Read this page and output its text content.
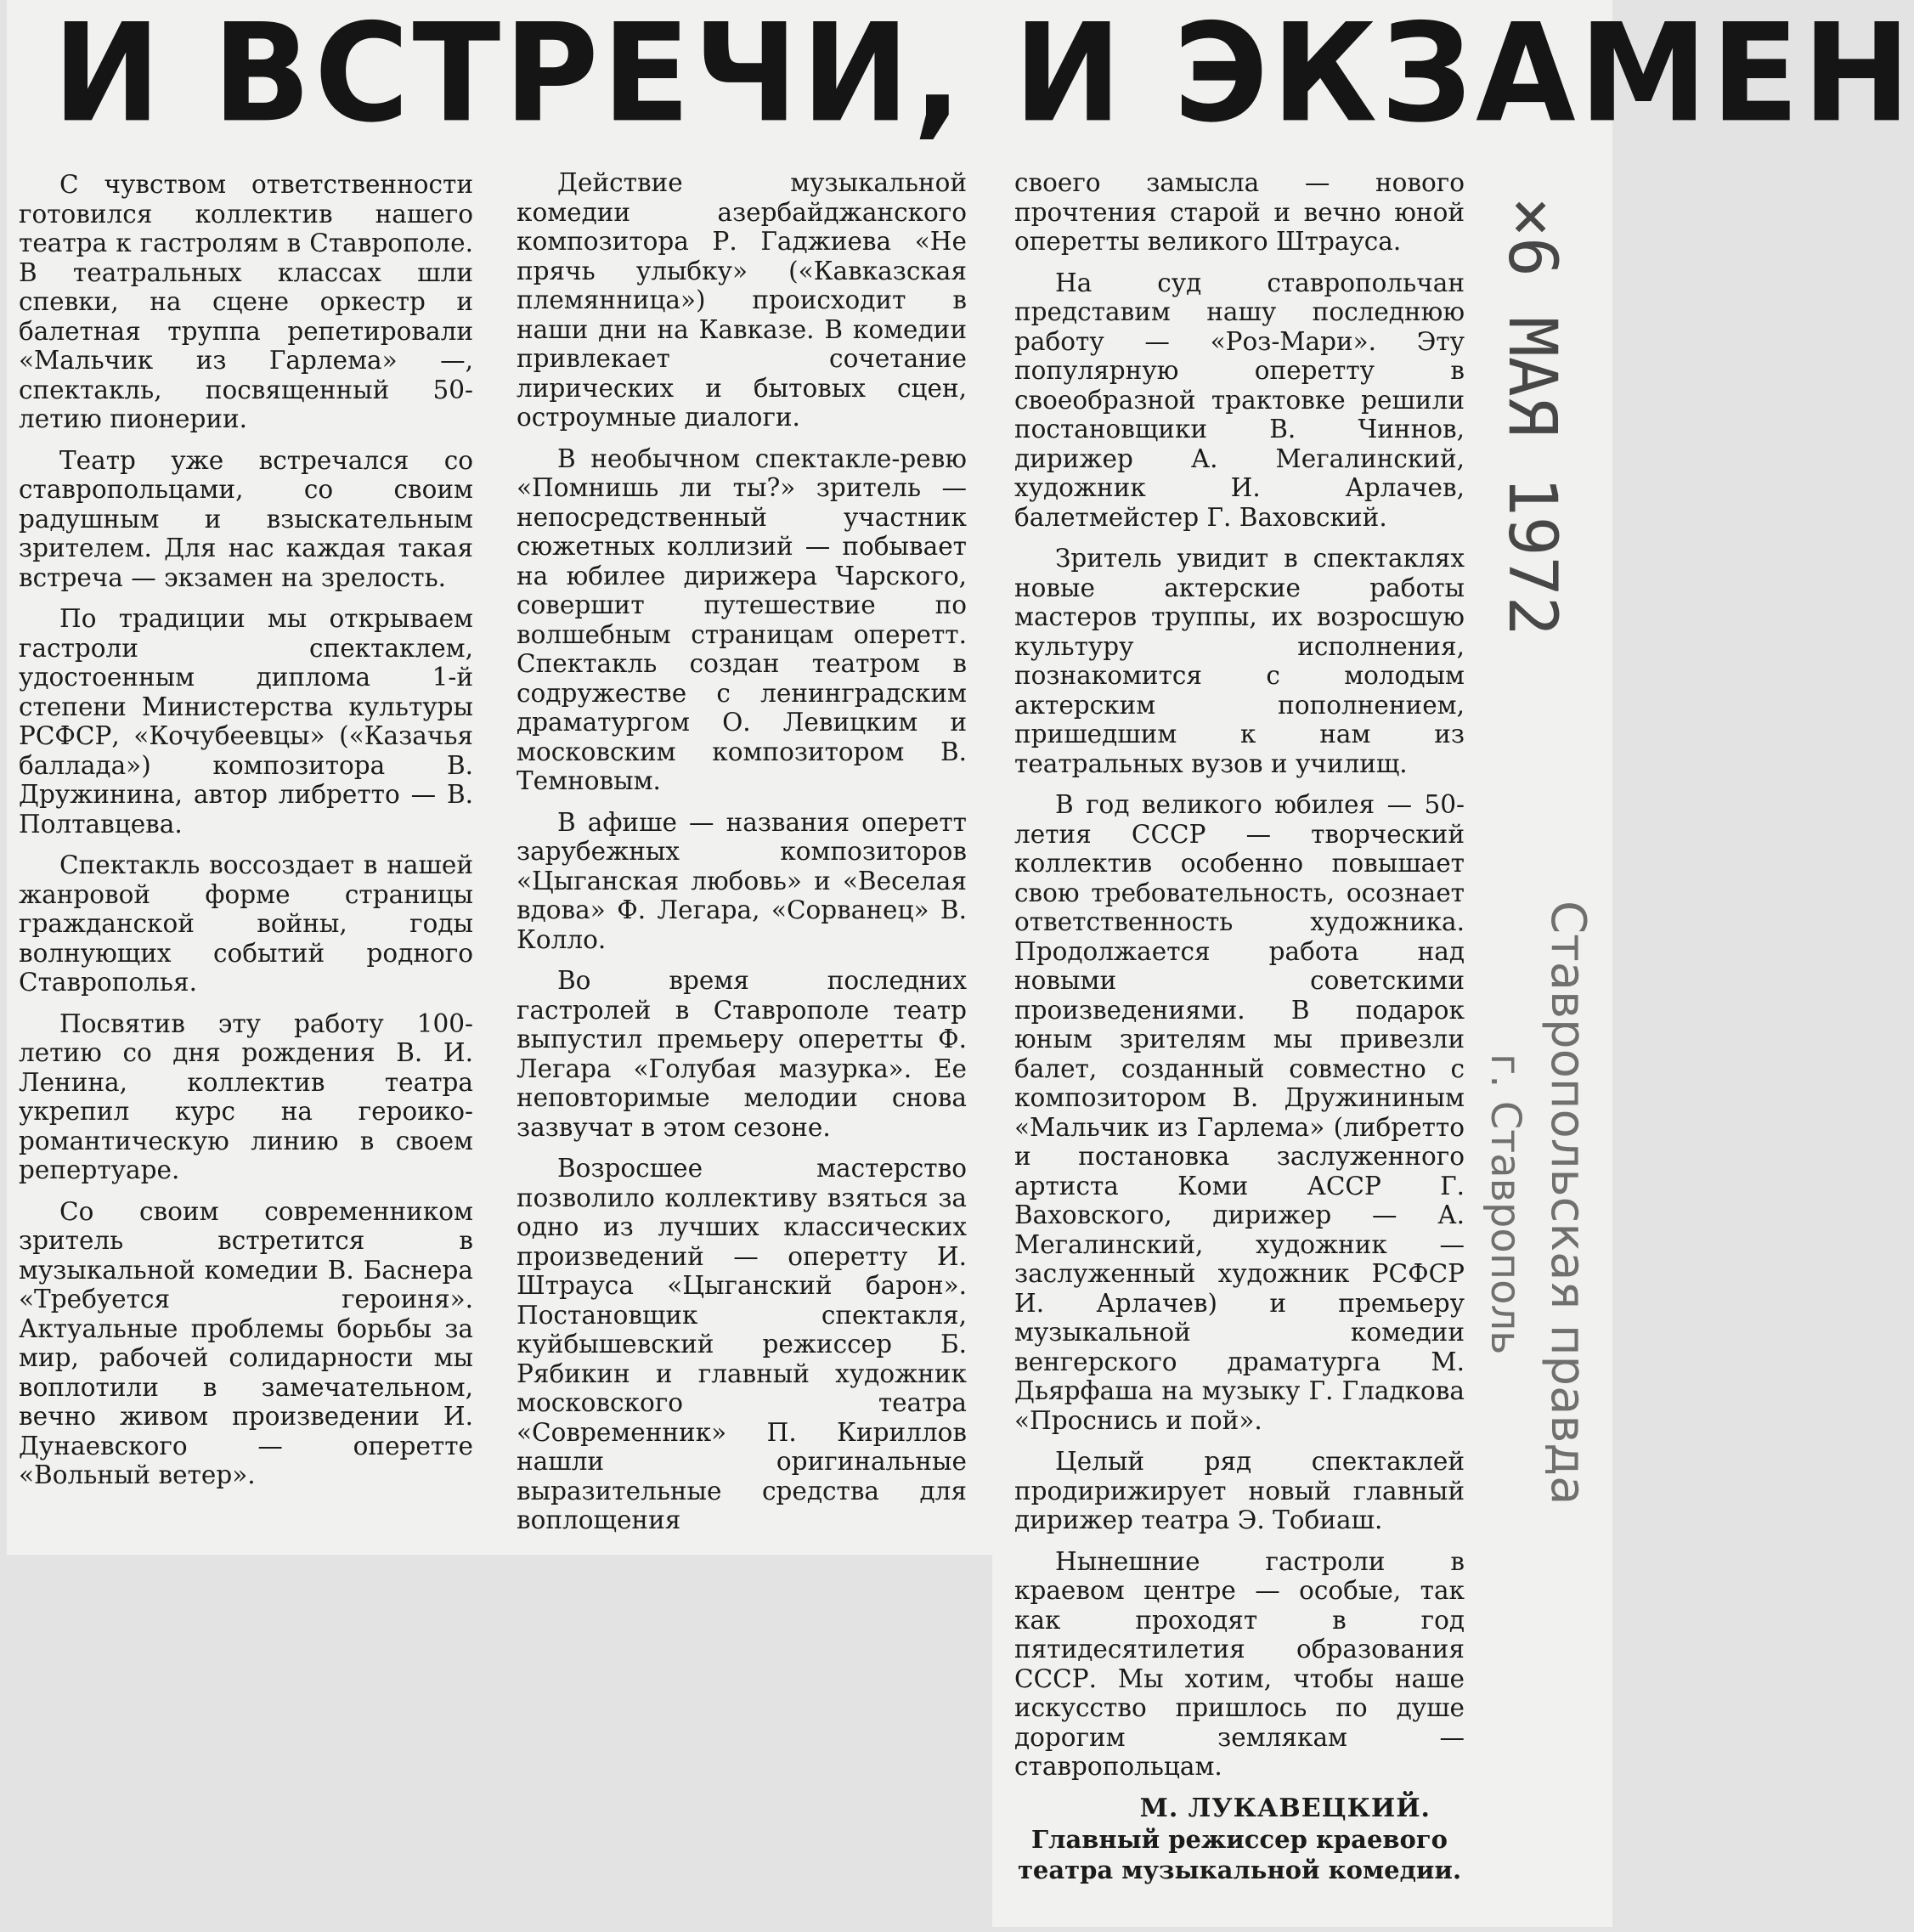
И ВСТРЕЧИ, И ЭКЗАМЕН

С чувством ответственности готовился коллектив нашего театра к гастролям в Ставрополе. В театральных классах шли спевки, на сцене оркестр и балетная труппа репетировали «Мальчик из Гарлема» —, спектакль, посвященный 50-летию пионерии.

Театр уже встречался со ставропольцами, со своим радушным и взыскательным зрителем. Для нас каждая такая встреча — экзамен на зрелость.

По традиции мы открываем гастроли спектаклем, удостоенным диплома 1-й степени Министерства культуры РСФСР, «Кочубеевцы» («Казачья баллада») композитора В. Дружинина, автор либретто — В. Полтавцева.

Спектакль воссоздает в нашей жанровой форме страницы гражданской войны, годы волнующих событий родного Ставрополья.

Посвятив эту работу 100-летию со дня рождения В. И. Ленина, коллектив театра укрепил курс на героико-романтическую линию в своем репертуаре.

Со своим современником зритель встретится в музыкальной комедии В. Баснера «Требуется героиня». Актуальные проблемы борьбы за мир, рабочей солидарности мы воплотили в замечательном, вечно живом произведении И. Дунаевского — оперетте «Вольный ветер».

Действие музыкальной комедии азербайджанского композитора Р. Гаджиева «Не прячь улыбку» («Кавказская племянница») происходит в наши дни на Кавказе. В комедии привлекает сочетание лирических и бытовых сцен, остроумные диалоги.

В необычном спектакле-ревю «Помнишь ли ты?» зритель — непосредственный участник сюжетных коллизий — побывает на юбилее дирижера Чарского, совершит путешествие по волшебным страницам оперетт. Спектакль создан театром в содружестве с ленинградским драматургом О. Левицким и московским композитором В. Темновым.

В афише — названия оперетт зарубежных композиторов «Цыганская любовь» и «Веселая вдова» Ф. Легара, «Сорванец» В. Колло.

Во время последних гастролей в Ставрополе театр выпустил премьеру оперетты Ф. Легара «Голубая мазурка». Ее неповторимые мелодии снова зазвучат в этом сезоне.

Возросшее мастерство позволило коллективу взяться за одно из лучших классических произведений — оперетту И. Штрауса «Цыганский барон». Постановщик спектакля, куйбышевский режиссер Б. Рябикин и главный художник московского театра «Современник» П. Кириллов нашли оригинальные выразительные средства для воплощения

своего замысла — нового прочтения старой и вечно юной оперетты великого Штрауса.

На суд ставропольчан представим нашу последнюю работу — «Роз-Мари». Эту популярную оперетту в своеобразной трактовке решили постановщики В. Чиннов, дирижер А. Мегалинский, художник И. Арлачев, балетмейстер Г. Ваховский.

Зритель увидит в спектаклях новые актерские работы мастеров труппы, их возросшую культуру исполнения, познакомится с молодым актерским пополнением, пришедшим к нам из театральных вузов и училищ.

В год великого юбилея — 50-летия СССР — творческий коллектив особенно повышает свою требовательность, осознает ответственность художника. Продолжается работа над новыми советскими произведениями. В подарок юным зрителям мы привезли балет, созданный совместно с композитором В. Дружининым «Мальчик из Гарлема» (либретто и постановка заслуженного артиста Коми АССР Г. Ваховского, дирижер — А. Мегалинский, художник — заслуженный художник РСФСР И. Арлачев) и премьеру музыкальной комедии венгерского драматурга М. Дьярфаша на музыку Г. Гладкова «Проснись и пой».

Целый ряд спектаклей продирижирует новый главный дирижер театра Э. Тобиаш.

Нынешние гастроли в краевом центре — особые, так как проходят в год пятидесятилетия образования СССР. Мы хотим, чтобы наше искусство пришлось по душе дорогим землякам — ставропольцам.

М. ЛУКАВЕЦКИЙ.
Главный режиссер краевого театра музыкальной комедии.
×6 МАЯ 1972
Ставропольская правда
г. Ставрополь
